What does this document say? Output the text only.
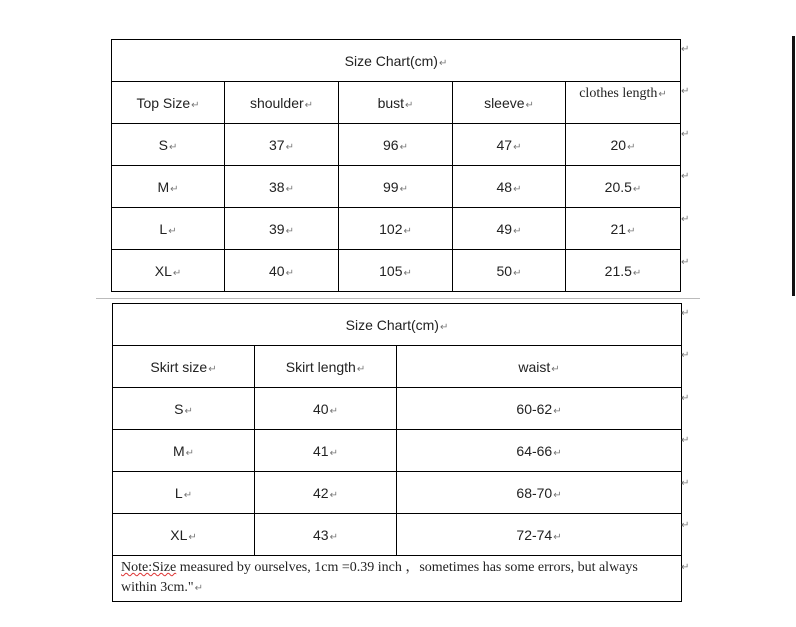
Size Chart(cm)↵				
Top Size↵	shoulder↵	bust↵	sleeve↵	clothes length↵
S↵	37↵	96↵	47↵	20↵
M↵	38↵	99↵	48↵	20.5↵
L↵	39↵	102↵	49↵	21↵
XL↵	40↵	105↵	50↵	21.5↵
↵
↵
↵
↵
↵
↵
Size Chart(cm)↵		
Skirt size↵	Skirt length↵	waist↵
S↵	40↵	60-62↵
M↵	41↵	64-66↵
L↵	42↵	68-70↵
XL↵	43↵	72-74↵
Note:Size measured by ourselves, 1cm =0.39 inch ，sometimes has some errors, but always within 3cm."↵		
↵
↵
↵
↵
↵
↵
↵
